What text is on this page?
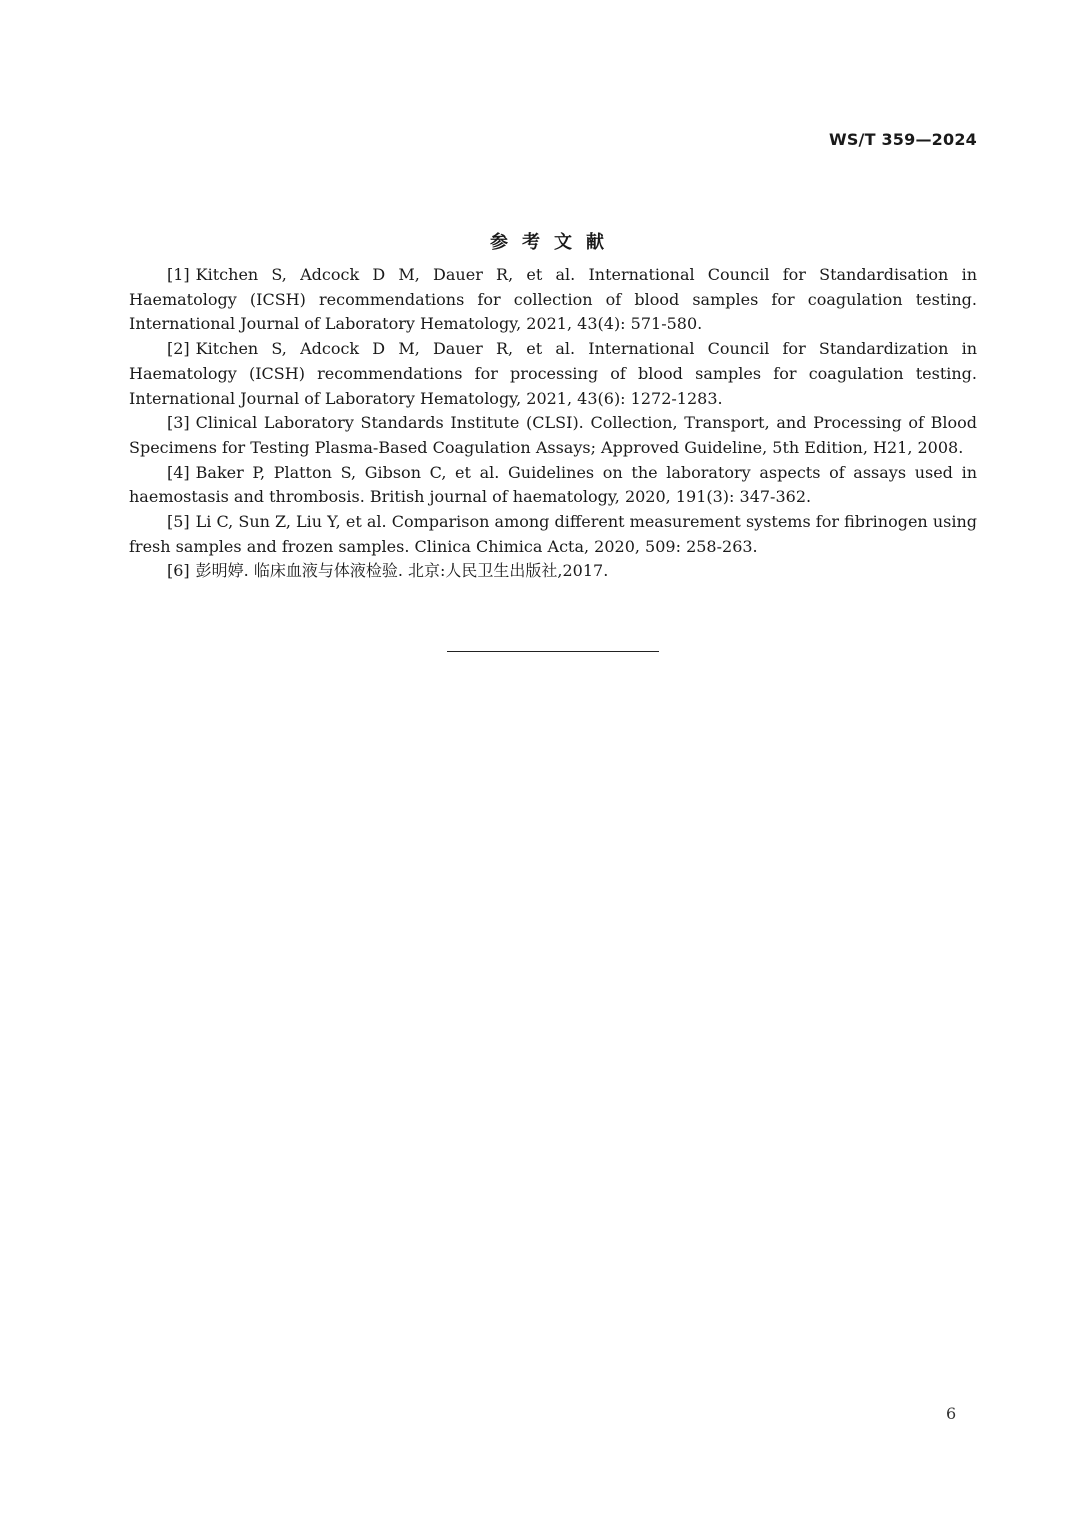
WS/T 359—2024
参考文献
[1] Kitchen S, Adcock D M, Dauer R, et al. International Council for Standardisation in Haematology (ICSH) recommendations for collection of blood samples for coagulation testing. International Journal of Laboratory Hematology, 2021, 43(4): 571-580.
[2] Kitchen S, Adcock D M, Dauer R, et al. International Council for Standardization in Haematology (ICSH) recommendations for processing of blood samples for coagulation testing. International Journal of Laboratory Hematology, 2021, 43(6): 1272-1283.
[3] Clinical Laboratory Standards Institute (CLSI). Collection, Transport, and Processing of Blood Specimens for Testing Plasma-Based Coagulation Assays; Approved Guideline, 5th Edition, H21, 2008.
[4] Baker P, Platton S, Gibson C, et al. Guidelines on the laboratory aspects of assays used in haemostasis and thrombosis. British journal of haematology, 2020, 191(3): 347-362.
[5] Li C, Sun Z, Liu Y, et al. Comparison among different measurement systems for fibrinogen using fresh samples and frozen samples. Clinica Chimica Acta, 2020, 509: 258-263.
[6] 彭明婷. 临床血液与体液检验. 北京:人民卫生出版社,2017.
6
